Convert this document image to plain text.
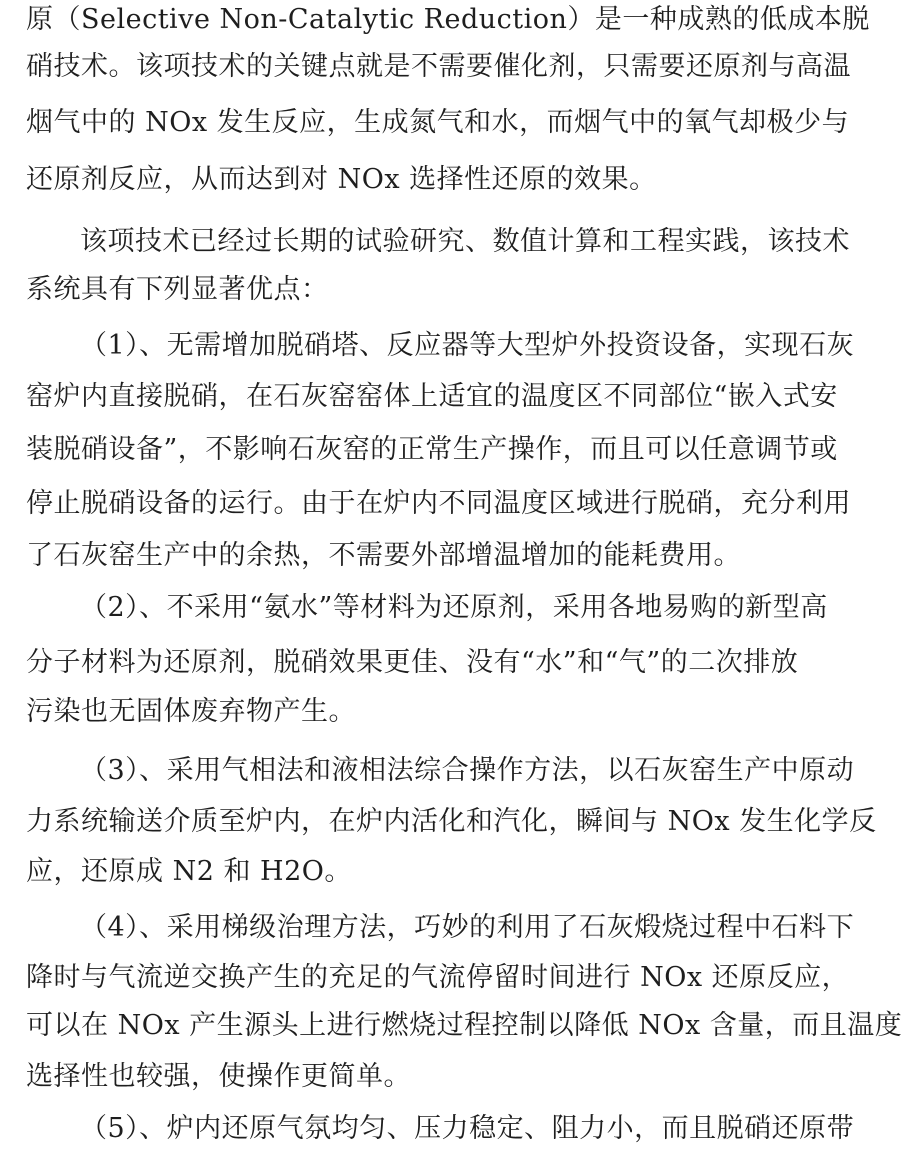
原（Selective Non-Catalytic Reduction）是一种成熟的低成本脱
硝技术。该项技术的关键点就是不需要催化剂，只需要还原剂与高温
烟气中的 NOx 发生反应，生成氮气和水，而烟气中的氧气却极少与
还原剂反应，从而达到对 NOx 选择性还原的效果。
该项技术已经过长期的试验研究、数值计算和工程实践，该技术
系统具有下列显著优点：
（1）、无需增加脱硝塔、反应器等大型炉外投资设备，实现石灰
窑炉内直接脱硝，在石灰窑窑体上适宜的温度区不同部位“嵌入式安
装脱硝设备”，不影响石灰窑的正常生产操作，而且可以任意调节或
停止脱硝设备的运行。由于在炉内不同温度区域进行脱硝，充分利用
了石灰窑生产中的余热，不需要外部增温增加的能耗费用。
（2）、不采用“氨水”等材料为还原剂，采用各地易购的新型高
分子材料为还原剂，脱硝效果更佳、没有“水”和“气”的二次排放
污染也无固体废弃物产生。
（3）、采用气相法和液相法综合操作方法，以石灰窑生产中原动
力系统输送介质至炉内，在炉内活化和汽化，瞬间与 NOx 发生化学反
应，还原成 N2 和 H2O。
（4）、采用梯级治理方法，巧妙的利用了石灰煅烧过程中石料下
降时与气流逆交换产生的充足的气流停留时间进行 NOx 还原反应，
可以在 NOx 产生源头上进行燃烧过程控制以降低 NOx 含量，而且温度
选择性也较强，使操作更简单。
（5）、炉内还原气氛均匀、压力稳定、阻力小，而且脱硝还原带
